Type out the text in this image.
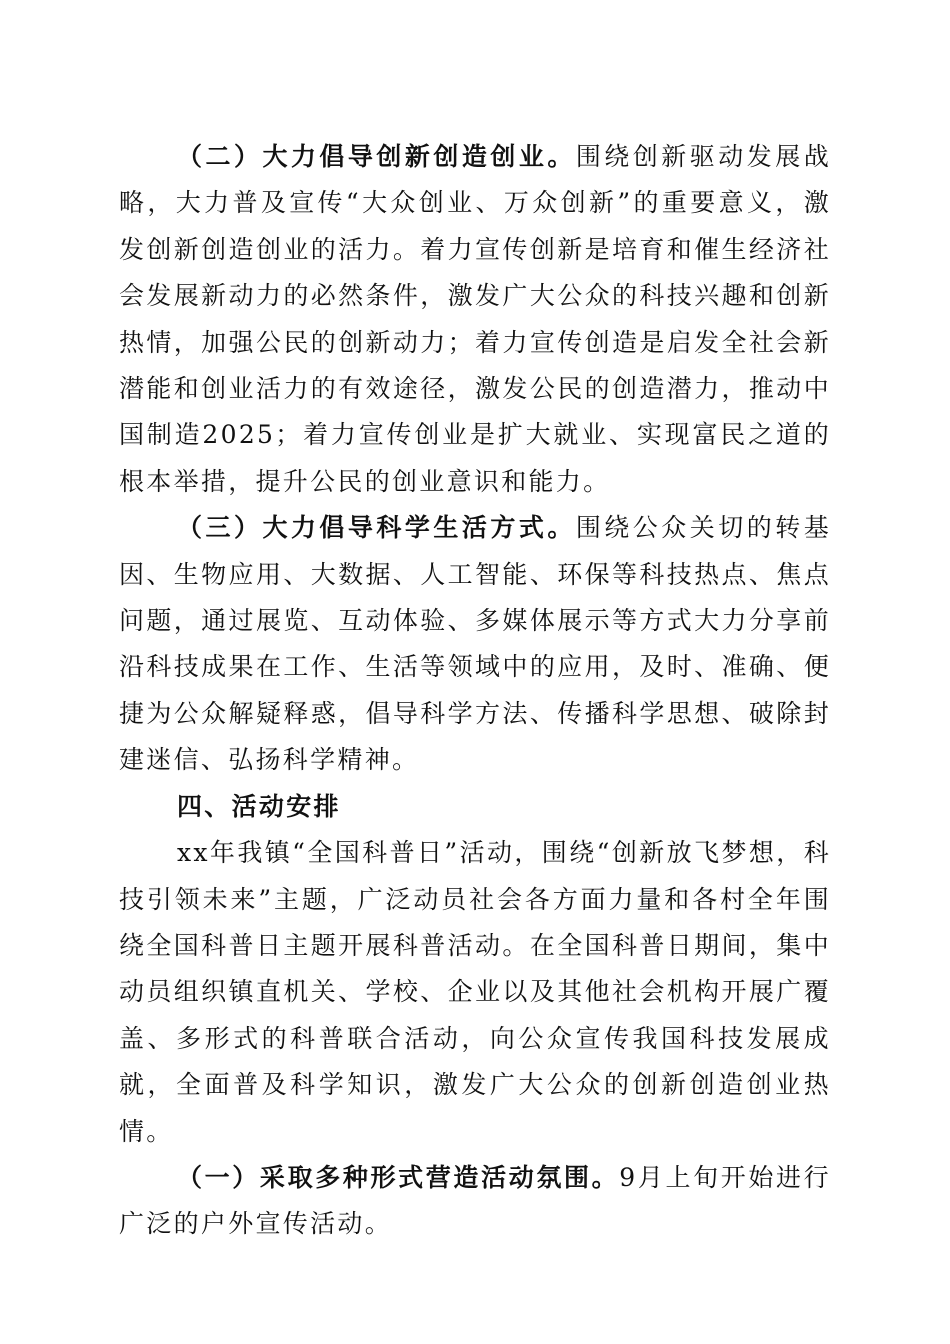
（二）大力倡导创新创造创业。围绕创新驱动发展战略，大力普及宣传“大众创业、万众创新”的重要意义，激发创新创造创业的活力。着力宣传创新是培育和催生经济社会发展新动力的必然条件，激发广大公众的科技兴趣和创新热情，加强公民的创新动力；着力宣传创造是启发全社会新潜能和创业活力的有效途径，激发公民的创造潜力，推动中国制造2025；着力宣传创业是扩大就业、实现富民之道的根本举措，提升公民的创业意识和能力。

（三）大力倡导科学生活方式。围绕公众关切的转基因、生物应用、大数据、人工智能、环保等科技热点、焦点问题，通过展览、互动体验、多媒体展示等方式大力分享前沿科技成果在工作、生活等领域中的应用，及时、准确、便捷为公众解疑释惑，倡导科学方法、传播科学思想、破除封建迷信、弘扬科学精神。

四、活动安排

xx年我镇“全国科普日”活动，围绕“创新放飞梦想，科技引领未来”主题，广泛动员社会各方面力量和各村全年围绕全国科普日主题开展科普活动。在全国科普日期间，集中动员组织镇直机关、学校、企业以及其他社会机构开展广覆盖、多形式的科普联合活动，向公众宣传我国科技发展成就，全面普及科学知识，激发广大公众的创新创造创业热情。

（一）采取多种形式营造活动氛围。9月上旬开始进行广泛的户外宣传活动。
